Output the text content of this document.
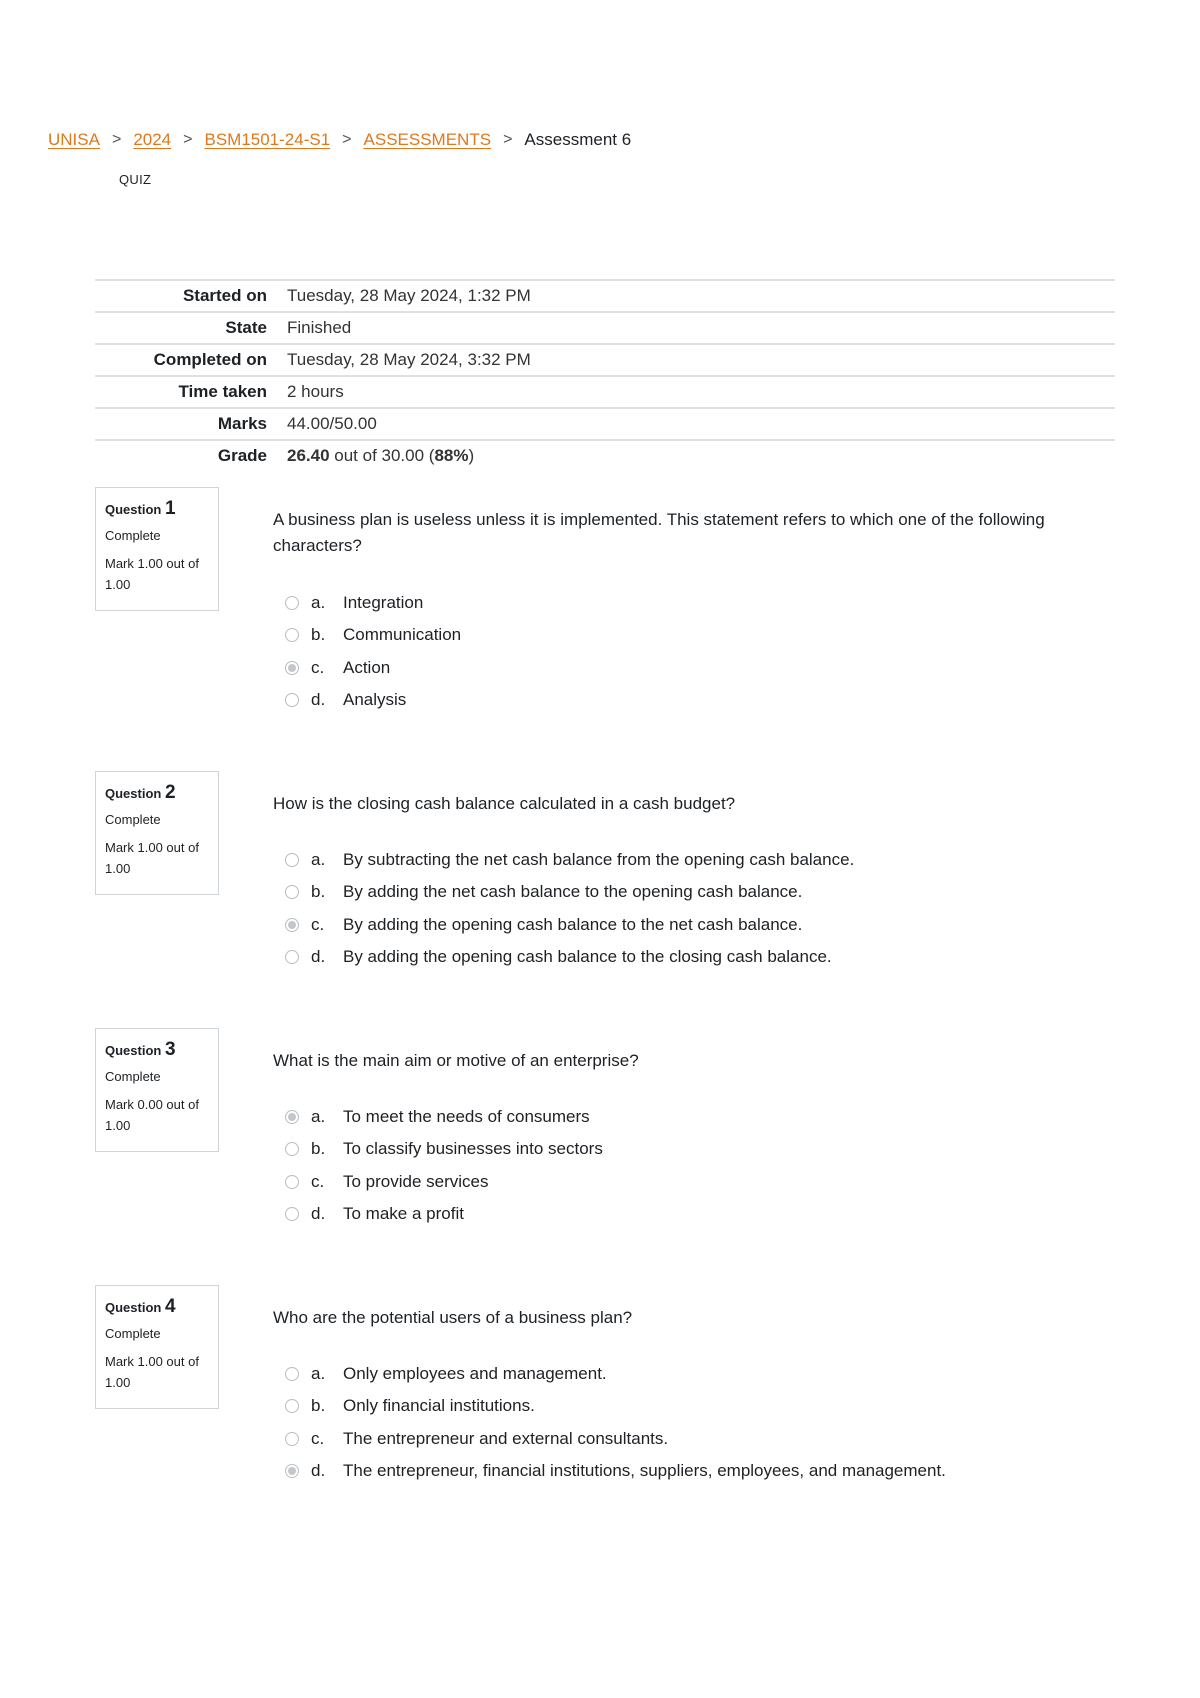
UNISA > 2024 > BSM1501-24-S1 > ASSESSMENTS > Assessment 6
QUIZ
Started on	Tuesday, 28 May 2024, 1:32 PM
State	Finished
Completed on	Tuesday, 28 May 2024, 3:32 PM
Time taken	2 hours
Marks	44.00/50.00
Grade	26.40 out of 30.00 (88%)
Question 1
Complete
Mark 1.00 out of 1.00
A business plan is useless unless it is implemented. This statement refers to which one of the following characters?
a.	Integration
b.	Communication
c.	Action
d.	Analysis
Question 2
Complete
Mark 1.00 out of 1.00
How is the closing cash balance calculated in a cash budget?
a.	By subtracting the net cash balance from the opening cash balance.
b.	By adding the net cash balance to the opening cash balance.
c.	By adding the opening cash balance to the net cash balance.
d.	By adding the opening cash balance to the closing cash balance.
Question 3
Complete
Mark 0.00 out of 1.00
What is the main aim or motive of an enterprise?
a.	To meet the needs of consumers
b.	To classify businesses into sectors
c.	To provide services
d.	To make a profit
Question 4
Complete
Mark 1.00 out of 1.00
Who are the potential users of a business plan?
a.	Only employees and management.
b.	Only financial institutions.
c.	The entrepreneur and external consultants.
d.	The entrepreneur, financial institutions, suppliers, employees, and management.
